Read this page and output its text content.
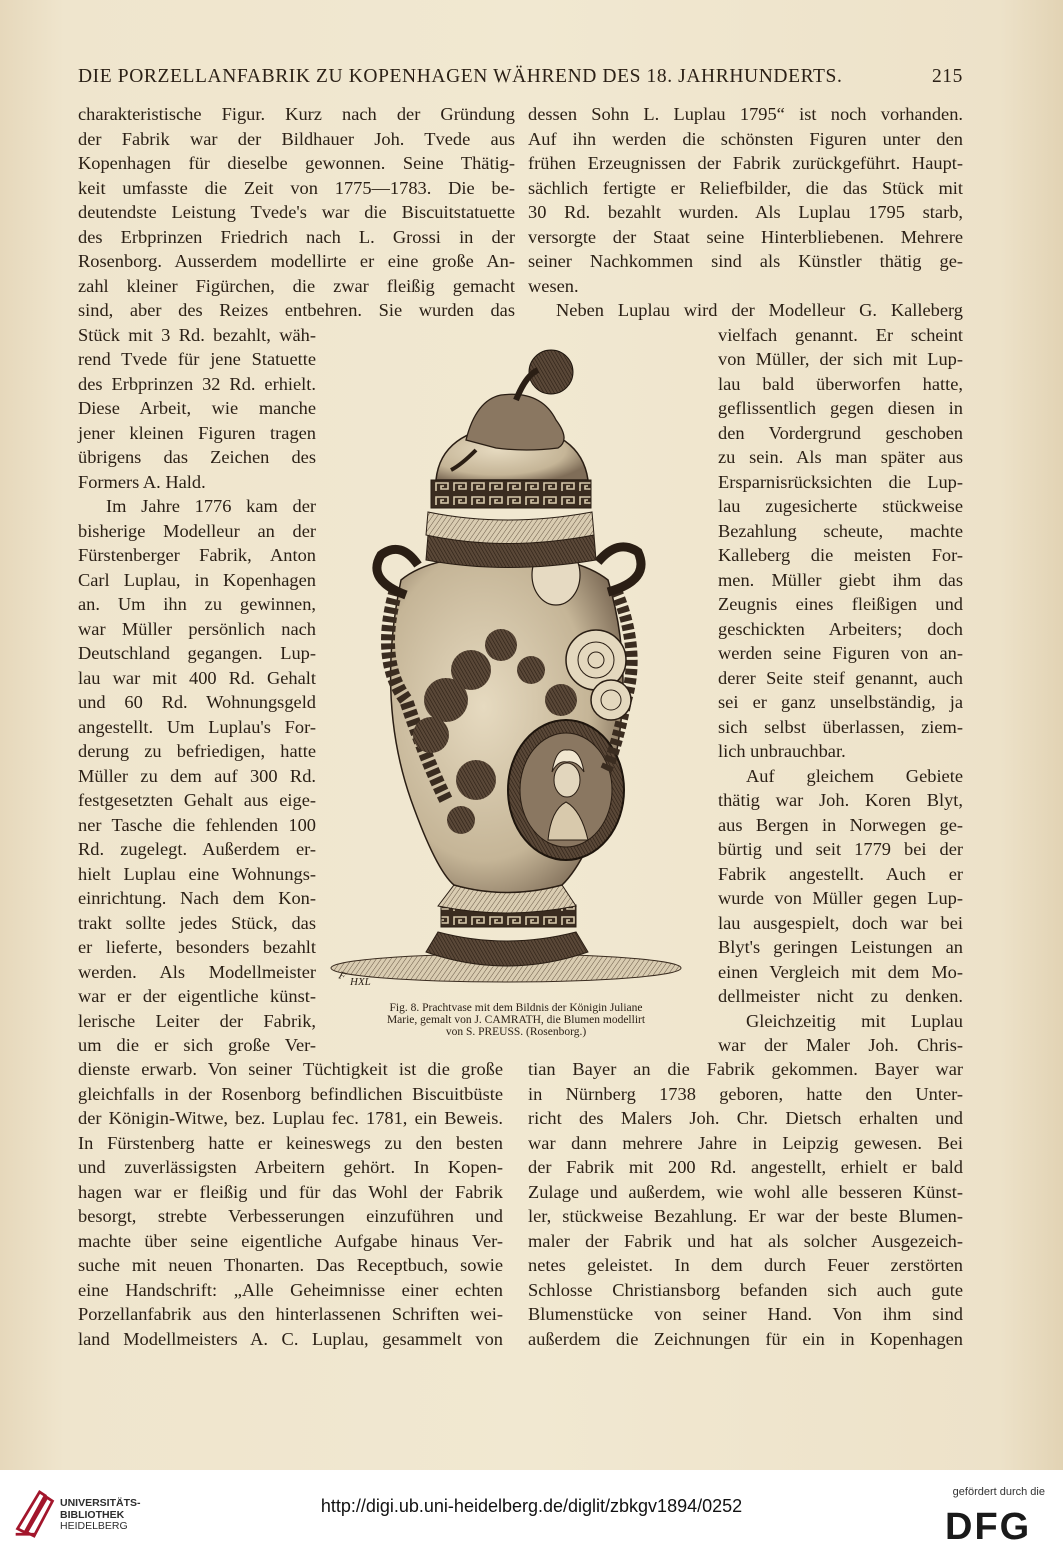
DIE PORZELLANFABRIK ZU KOPENHAGEN WÄHREND DES 18. JAHRHUNDERTS.	215
charakteristische Figur. Kurz nach der Gründung
der Fabrik war der Bildhauer Joh. Tvede aus
Kopenhagen für dieselbe gewonnen. Seine Thätig-
keit umfasste die Zeit von 1775—1783. Die be-
deutendste Leistung Tvede's war die Biscuitstatuette
des Erbprinzen Friedrich nach L. Grossi in der
Rosenborg. Ausserdem modellirte er eine große An-
zahl kleiner Figürchen, die zwar fleißig gemacht
sind, aber des Reizes entbehren. Sie wurden das
Stück mit 3 Rd. bezahlt, wäh-
rend Tvede für jene Statuette
des Erbprinzen 32 Rd. erhielt.
Diese Arbeit, wie manche
jener kleinen Figuren tragen
übrigens das Zeichen des
Formers A. Hald.
Im Jahre 1776 kam der
bisherige Modelleur an der
Fürstenberger Fabrik, Anton
Carl Luplau, in Kopenhagen
an. Um ihn zu gewinnen,
war Müller persönlich nach
Deutschland gegangen. Lup-
lau war mit 400 Rd. Gehalt
und 60 Rd. Wohnungsgeld
angestellt. Um Luplau's For-
derung zu befriedigen, hatte
Müller zu dem auf 300 Rd.
festgesetzten Gehalt aus eige-
ner Tasche die fehlenden 100
Rd. zugelegt. Außerdem er-
hielt Luplau eine Wohnungs-
einrichtung. Nach dem Kon-
trakt sollte jedes Stück, das
er lieferte, besonders bezahlt
werden. Als Modellmeister
war er der eigentliche künst-
lerische Leiter der Fabrik,
um die er sich große Ver-
dienste erwarb. Von seiner Tüchtigkeit ist die große
gleichfalls in der Rosenborg befindlichen Biscuitbüste
der Königin-Witwe, bez. Luplau fec. 1781, ein Beweis.
In Fürstenberg hatte er keineswegs zu den besten
und zuverlässigsten Arbeitern gehört. In Kopen-
hagen war er fleißig und für das Wohl der Fabrik
besorgt, strebte Verbesserungen einzuführen und
machte über seine eigentliche Aufgabe hinaus Ver-
suche mit neuen Thonarten. Das Receptbuch, sowie
eine Handschrift: „Alle Geheimnisse einer echten
Porzellanfabrik aus den hinterlassenen Schriften wei-
land Modellmeisters A. C. Luplau, gesammelt von
dessen Sohn L. Luplau 1795“ ist noch vorhanden.
Auf ihn werden die schönsten Figuren unter den
frühen Erzeugnissen der Fabrik zurückgeführt. Haupt-
sächlich fertigte er Reliefbilder, die das Stück mit
30 Rd. bezahlt wurden. Als Luplau 1795 starb,
versorgte der Staat seine Hinterbliebenen. Mehrere
seiner Nachkommen sind als Künstler thätig ge-
wesen.
Neben Luplau wird der Modelleur G. Kalleberg
vielfach genannt. Er scheint
von Müller, der sich mit Lup-
lau bald überworfen hatte,
geflissentlich gegen diesen in
den Vordergrund geschoben
zu sein. Als man später aus
Ersparnisrücksichten die Lup-
lau zugesicherte stückweise
Bezahlung scheute, machte
Kalleberg die meisten For-
men. Müller giebt ihm das
Zeugnis eines fleißigen und
geschickten Arbeiters; doch
werden seine Figuren von an-
derer Seite steif genannt, auch
sei er ganz unselbständig, ja
sich selbst überlassen, ziem-
lich unbrauchbar.
Auf gleichem Gebiete
thätig war Joh. Koren Blyt,
aus Bergen in Norwegen ge-
bürtig und seit 1779 bei der
Fabrik angestellt. Auch er
wurde von Müller gegen Lup-
lau ausgespielt, doch war bei
Blyt's geringen Leistungen an
einen Vergleich mit dem Mo-
dellmeister nicht zu denken.
Gleichzeitig mit Luplau
war der Maler Joh. Chris-
tian Bayer an die Fabrik gekommen. Bayer war
in Nürnberg 1738 geboren, hatte den Unter-
richt des Malers Joh. Chr. Dietsch erhalten und
war dann mehrere Jahre in Leipzig gewesen. Bei
der Fabrik mit 200 Rd. angestellt, erhielt er bald
Zulage und außerdem, wie wohl alle besseren Künst-
ler, stückweise Bezahlung. Er war der beste Blumen-
maler der Fabrik und hat als solcher Ausgezeich-
netes geleistet. In dem durch Feuer zerstörten
Schlosse Christiansborg befanden sich auch gute
Blumenstücke von seiner Hand. Von ihm sind
außerdem die Zeichnungen für ein in Kopenhagen
F HXL
Fig. 8. Prachtvase mit dem Bildnis der Königin Juliane
Marie, gemalt von J. CAMRATH, die Blumen modellirt
von S. PREUSS. (Rosenborg.)
UNIVERSITÄTS-
BIBLIOTHEK
HEIDELBERG
http://digi.ub.uni-heidelberg.de/diglit/zbkgv1894/0252
gefördert durch die
DFG
